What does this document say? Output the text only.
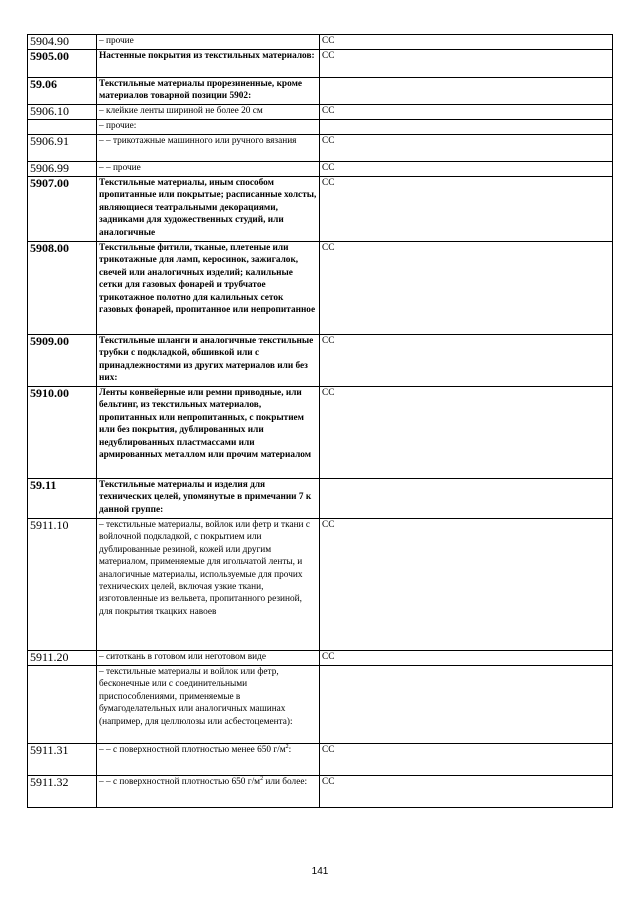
5904.90	– прочие	CC
5905.00	Настенные покрытия из текстильных материалов:	CC
59.06	Текстильные материалы прорезиненные, кроме материалов товарной позиции 5902:	
5906.10	– клейкие ленты шириной не более 20 см	CC
	– прочие:	
5906.91	– – трикотажные машинного или ручного вязания	CC
5906.99	– – прочие	CC
5907.00	Текстильные материалы, иным способом пропитанные или покрытые; расписанные холсты, являющиеся театральными декорациями, задниками для художественных студий, или аналогичные	CC
5908.00	Текстильные фитили, тканые, плетеные или трикотажные для ламп, керосинок, зажигалок, свечей или аналогичных изделий; калильные сетки для газовых фонарей и трубчатое трикотажное полотно для калильных сеток газовых фонарей, пропитанное или непропитанное	CC
5909.00	Текстильные шланги и аналогичные текстильные трубки с подкладкой, обшивкой или с принадлежностями из других материалов или без них:	CC
5910.00	Ленты конвейерные или ремни приводные, или бельтинг, из текстильных материалов, пропитанных или непропитанных, с покрытием или без покрытия, дублированных или недублированных пластмассами или армированных металлом или прочим материалом	CC
59.11	Текстильные материалы и изделия для технических целей, упомянутые в примечании 7 к данной группе:	
5911.10	– текстильные материалы, войлок или фетр и ткани с войлочной подкладкой, с покрытием или дублированные резиной, кожей или другим материалом, применяемые для игольчатой ленты, и аналогичные материалы, используемые для прочих технических целей, включая узкие ткани, изготовленные из вельвета, пропитанного резиной, для покрытия ткацких навоев	CC
5911.20	– ситоткань в готовом или неготовом виде	CC
	– текстильные материалы и войлок или фетр, бесконечные или с соединительными приспособлениями, применяемые в бумагоделательных или аналогичных машинах (например, для целлюлозы или асбестоцемента):	
5911.31	– – с поверхностной плотностью менее 650 $г/м^2$:	CC
5911.32	– – с поверхностной плотностью 650 $г/м^2$ или более:	CC
141
